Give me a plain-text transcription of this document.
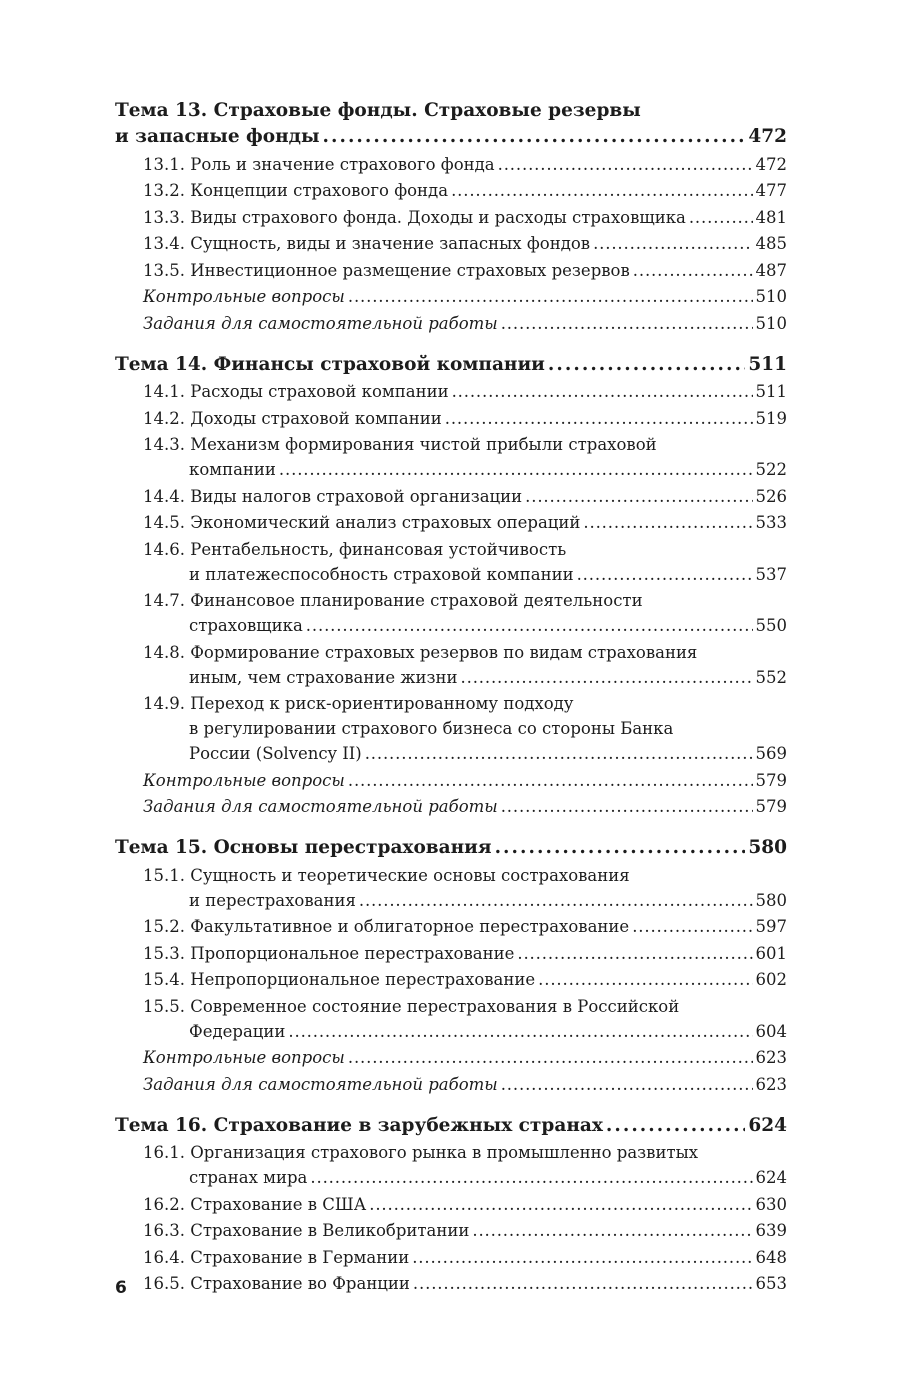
Тема 13. Страховые фонды. Страховые резервы
и запасные фонды . . .	472
13.1. Роль и значение страхового фонда . . .	472
13.2. Концепции страхового фонда . . .	477
13.3. Виды страхового фонда. Доходы и расходы страховщика . . .	481
13.4. Сущность, виды и значение запасных фондов . . .	485
13.5. Инвестиционное размещение страховых резервов . . .	487
Контрольные вопросы . . .	510
Задания для самостоятельной работы . . .	510
Тема 14. Финансы страховой компании . . .	511
14.1. Расходы страховой компании . . .	511
14.2. Доходы страховой компании . . .	519
14.3. Механизм формирования чистой прибыли страховой
компании . . .	522
14.4. Виды налогов страховой организации . . .	526
14.5. Экономический анализ страховых операций . . .	533
14.6. Рентабельность, финансовая устойчивость
и платежеспособность страховой компании . . .	537
14.7. Финансовое планирование страховой деятельности
страховщика . . .	550
14.8. Формирование страховых резервов по видам страхования
иным, чем страхование жизни . . .	552
14.9. Переход к риск-ориентированному подходу
в регулировании страхового бизнеса со стороны Банка
России (Solvency II) . . .	569
Контрольные вопросы . . .	579
Задания для самостоятельной работы . . .	579
Тема 15. Основы перестрахования . . .	580
15.1. Сущность и теоретические основы сострахования
и перестрахования . . .	580
15.2. Факультативное и облигаторное перестрахование . . .	597
15.3. Пропорциональное перестрахование . . .	601
15.4. Непропорциональное перестрахование . . .	602
15.5. Современное состояние перестрахования в Российской
Федерации . . .	604
Контрольные вопросы . . .	623
Задания для самостоятельной работы . . .	623
Тема 16. Страхование в зарубежных странах . . .	624
16.1. Организация страхового рынка в промышленно развитых
странах мира . . .	624
16.2. Страхование в США . . .	630
16.3. Страхование в Великобритании . . .	639
16.4. Страхование в Германии . . .	648
16.5. Страхование во Франции . . .	653
6
